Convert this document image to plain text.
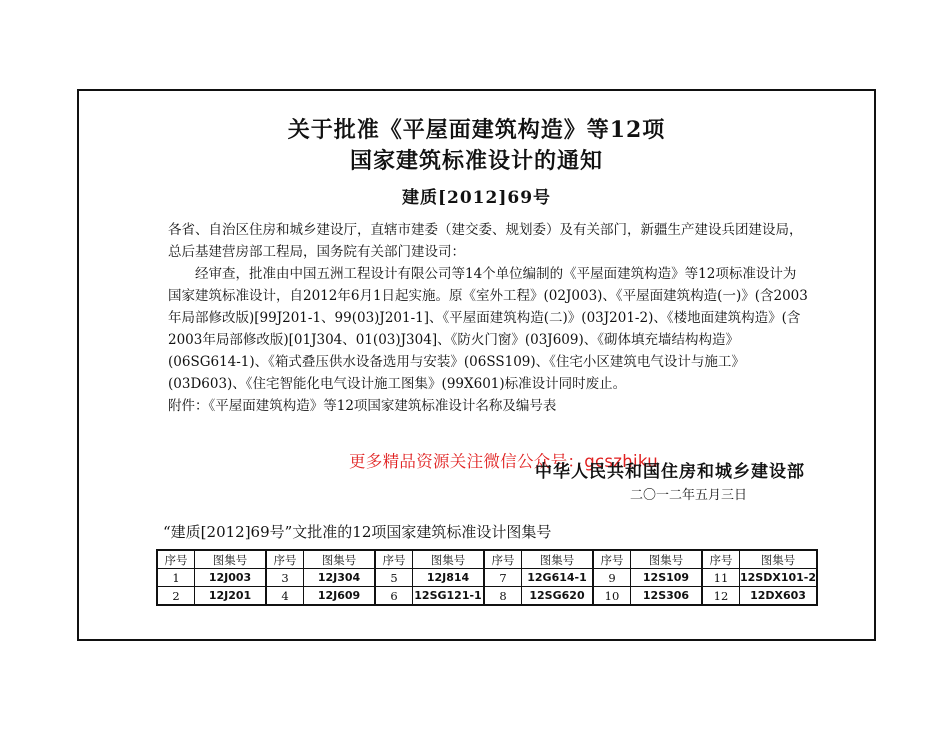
关于批准《平屋面建筑构造》等12项
国家建筑标准设计的通知
建质[2012]69号

各省、自治区住房和城乡建设厅，直辖市建委（建交委、规划委）及有关部门，新疆生产建设兵团建设局，总后基建营房部工程局，国务院有关部门建设司：

经审查，批准由中国五洲工程设计有限公司等14个单位编制的《平屋面建筑构造》等12项标准设计为国家建筑标准设计，自2012年6月1日起实施。原《室外工程》(02J003)、《平屋面建筑构造(一)》(含2003年局部修改版)[99J201-1、99(03)J201-1]、《平屋面建筑构造(二)》(03J201-2)、《楼地面建筑构造》(含2003年局部修改版)[01J304、01(03)J304]、《防火门窗》(03J609)、《砌体填充墙结构构造》(06SG614-1)、《箱式叠压供水设备选用与安装》(06SS109)、《住宅小区建筑电气设计与施工》(03D603)、《住宅智能化电气设计施工图集》(99X601)标准设计同时废止。

附件：《平屋面建筑构造》等12项国家建筑标准设计名称及编号表

更多精品资源关注微信公众号：gcszhiku
中华人民共和国住房和城乡建设部
二〇一二年五月三日
“建质[2012]69号”文批准的12项国家建筑标准设计图集号
序号	图集号	序号	图集号	序号	图集号	序号	图集号	序号	图集号	序号	图集号
1	12J003	3	12J304	5	12J814	7	12G614-1	9	12S109	11	12SDX101-2
2	12J201	4	12J609	6	12SG121-1	8	12SG620	10	12S306	12	12DX603
